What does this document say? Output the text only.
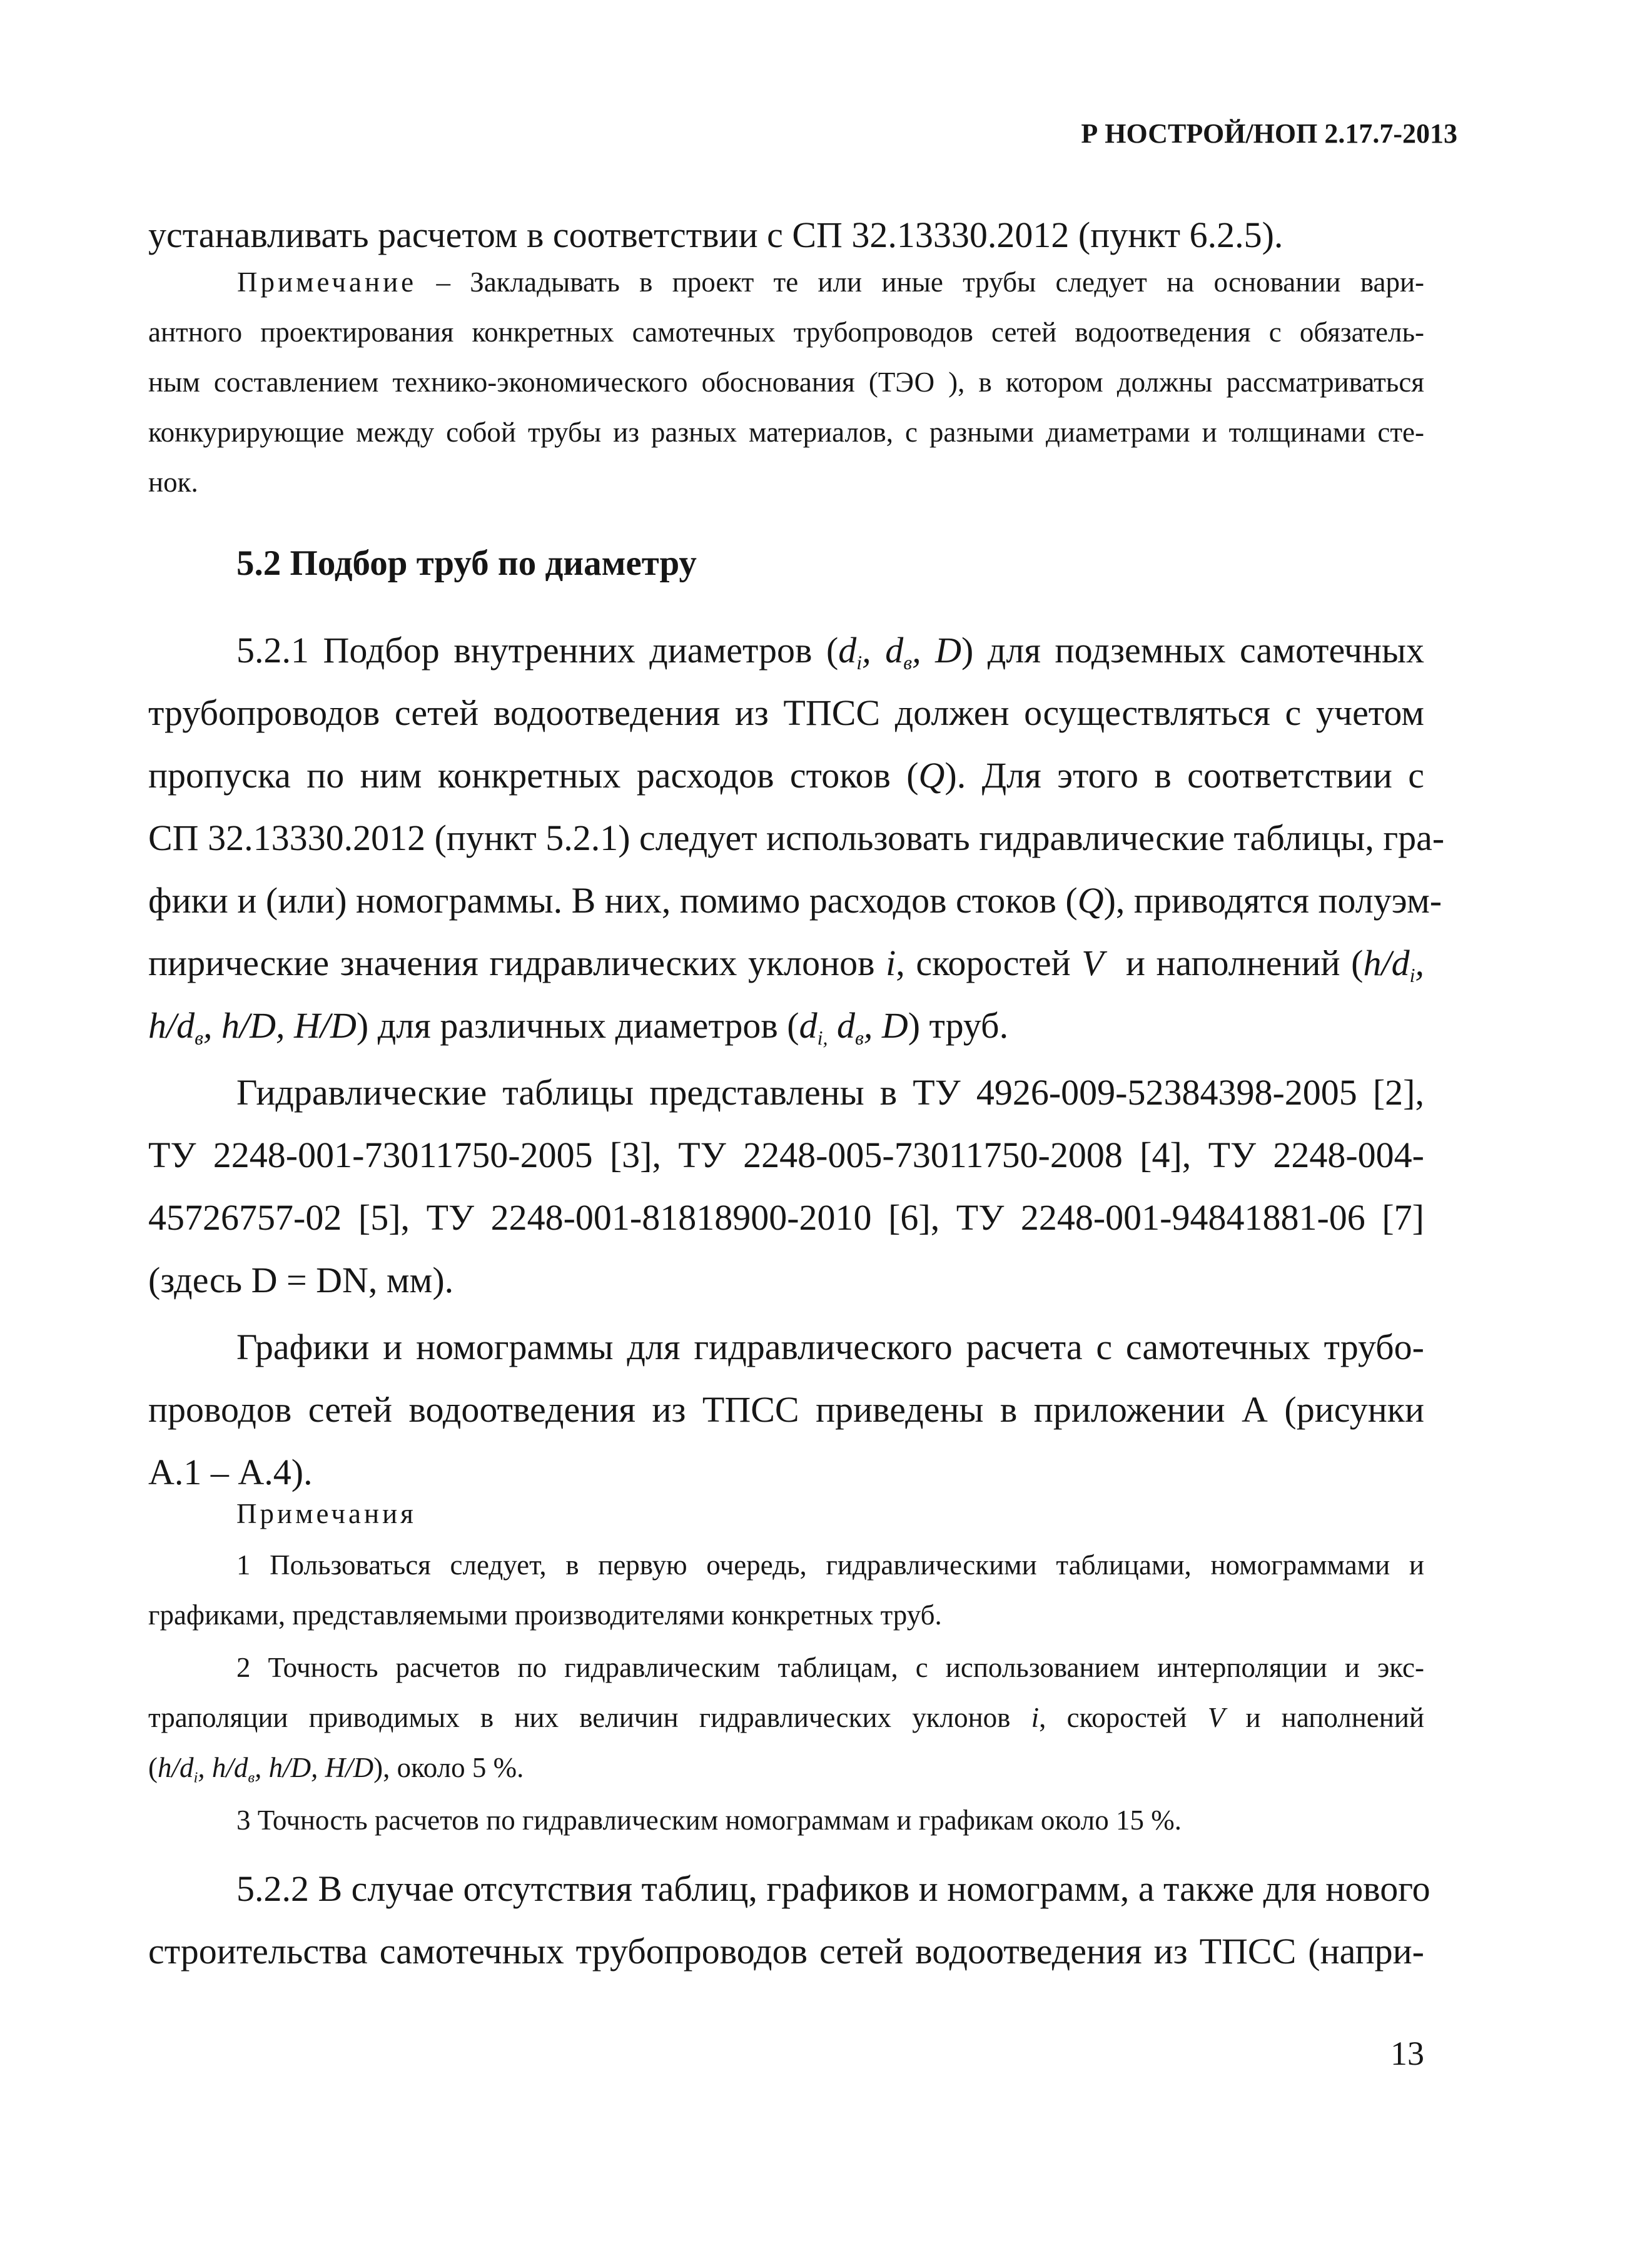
Р НОСТРОЙ/НОП 2.17.7-2013
устанавливать расчетом в соответствии с СП 32.13330.2012 (пункт 6.2.5).
Примечание – Закладывать в проект те или иные трубы следует на основании вари-
антного проектирования конкретных самотечных трубопроводов сетей водоотведения с обязатель-
ным составлением технико-экономического обоснования (ТЭО ), в котором должны рассматриваться
конкурирующие между собой трубы из разных материалов, с разными диаметрами и толщинами сте-
нок.
5.2 Подбор труб по диаметру
5.2.1 Подбор внутренних диаметров ($d_i$, $d_в$, D) для подземных самотечных
трубопроводов сетей водоотведения из ТПСС должен осуществляться с учетом
пропуска по ним конкретных расходов стоков (Q). Для этого в соответствии с
СП 32.13330.2012 (пункт 5.2.1) следует использовать гидравлические таблицы, гра-
фики и (или) номограммы. В них, помимо расходов стоков (Q), приводятся полуэм-
пирические значения гидравлических уклонов i, скоростей V  и наполнений ($h/d_i$,
$h/d_в$, h/D, H/D) для различных диаметров ($d_{i,}$ $d_в$, D) труб.
Гидравлические таблицы представлены в ТУ 4926-009-52384398-2005 [2],
ТУ 2248-001-73011750-2005 [3], ТУ 2248-005-73011750-2008 [4], ТУ 2248-004-
45726757-02 [5], ТУ 2248-001-81818900-2010 [6], ТУ 2248-001-94841881-06 [7]
(здесь D = DN, мм).
Графики и номограммы для гидравлического расчета с самотечных трубо-
проводов сетей водоотведения из ТПСС приведены в приложении А (рисунки
А.1 – А.4).
Примечания
1 Пользоваться следует, в первую очередь, гидравлическими таблицами, номограммами и
графиками, представляемыми производителями конкретных труб.
2 Точность расчетов по гидравлическим таблицам, с использованием интерполяции и экс-
траполяции приводимых в них величин гидравлических уклонов i, скоростей V и наполнений
($h/d_i$, $h/d_в$, h/D, H/D), около 5 %.
3 Точность расчетов по гидравлическим номограммам и графикам около 15 %.
5.2.2 В случае отсутствия таблиц, графиков и номограмм, а также для нового
строительства самотечных трубопроводов сетей водоотведения из ТПСС (напри-
13
